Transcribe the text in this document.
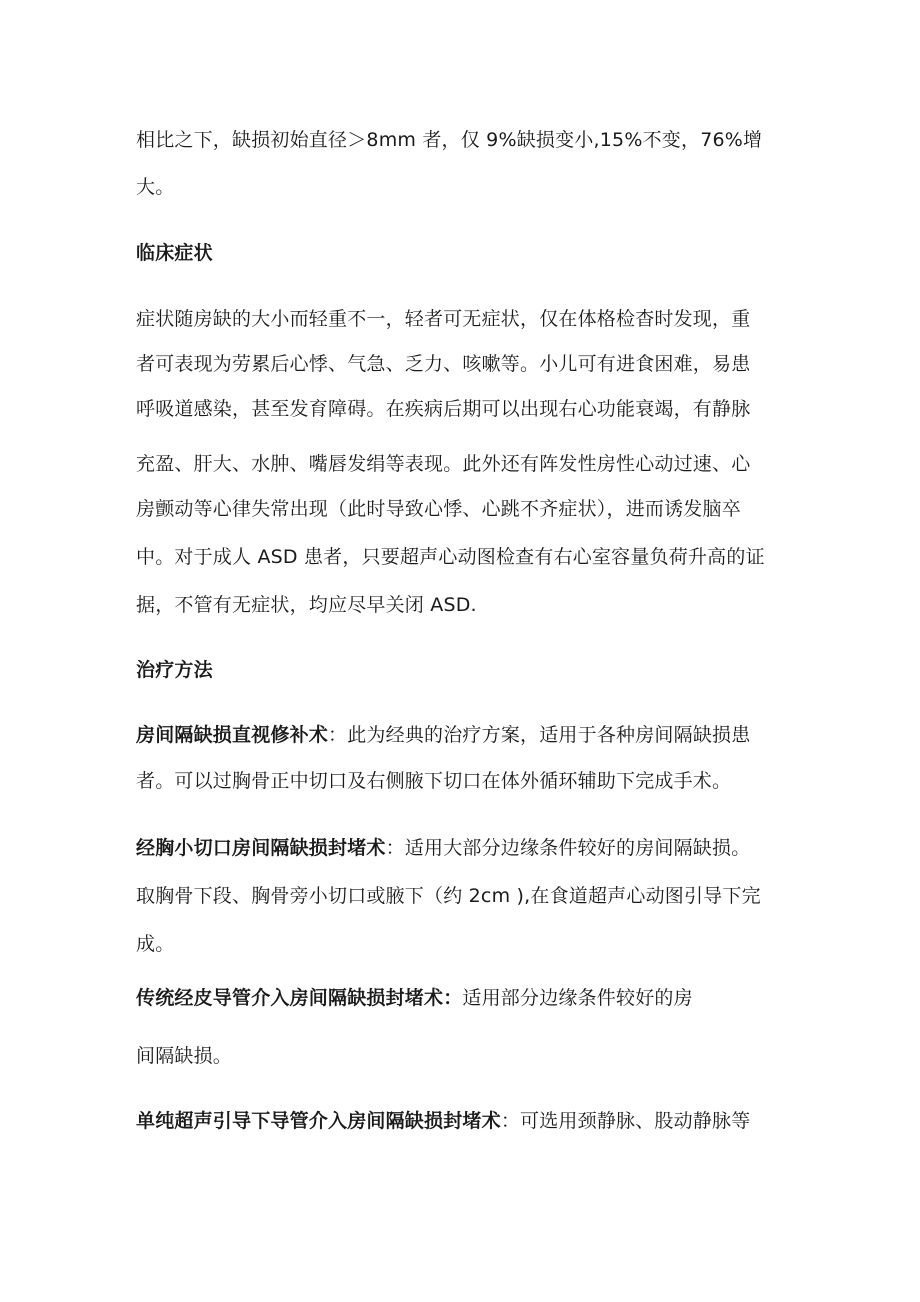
相比之下，缺损初始直径＞8mm 者，仅 9%缺损变小,15%不变，76%增
大。
临床症状
症状随房缺的大小而轻重不一，轻者可无症状，仅在体格检杳时发现，重
者可表现为劳累后心悸、气急、乏力、咳嗽等。小儿可有进食困难，易患
呼吸道感染，甚至发育障碍。在疾病后期可以出现右心功能衰竭，有静脉
充盈、肝大、水肿、嘴唇发绢等表现。此外还有阵发性房性心动过速、心
房颤动等心律失常出现（此时导致心悸、心跳不齐症状），进而诱发脑卒
中。对于成人 ASD 患者，只要超声心动图检查有右心室容量负荷升高的证
据，不管有无症状，均应尽早关闭 ASD.
治疗方法
房间隔缺损直视修补术：此为经典的治疗方案，适用于各种房间隔缺损患
者。可以过胸骨正中切口及右侧腋下切口在体外循环辅助下完成手术。
经胸小切口房间隔缺损封堵术：适用大部分边缘条件较好的房间隔缺损。
取胸骨下段、胸骨旁小切口或腋下（约 2cm ),在食道超声心动图引导下完
成。
传统经皮导管介入房间隔缺损封堵术：适用部分边缘条件较好的房
间隔缺损。
单纯超声引导下导管介入房间隔缺损封堵术：可选用颈静脉、股动静脉等
